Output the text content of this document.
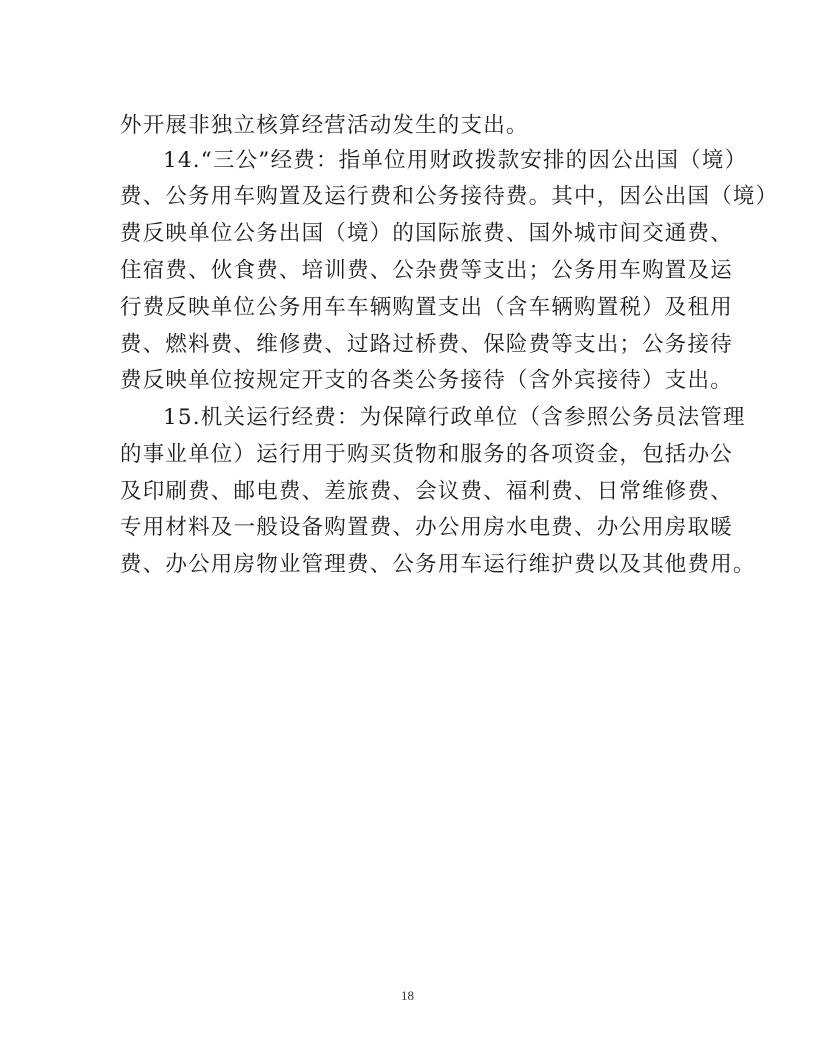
外开展非独立核算经营活动发生的支出。
14.“三公”经费：指单位用财政拨款安排的因公出国（境）
费、公务用车购置及运行费和公务接待费。其中，因公出国（境）
费反映单位公务出国（境）的国际旅费、国外城市间交通费、
住宿费、伙食费、培训费、公杂费等支出；公务用车购置及运
行费反映单位公务用车车辆购置支出（含车辆购置税）及租用
费、燃料费、维修费、过路过桥费、保险费等支出；公务接待
费反映单位按规定开支的各类公务接待（含外宾接待）支出。
15.机关运行经费：为保障行政单位（含参照公务员法管理
的事业单位）运行用于购买货物和服务的各项资金，包括办公
及印刷费、邮电费、差旅费、会议费、福利费、日常维修费、
专用材料及一般设备购置费、办公用房水电费、办公用房取暖
费、办公用房物业管理费、公务用车运行维护费以及其他费用。
18
